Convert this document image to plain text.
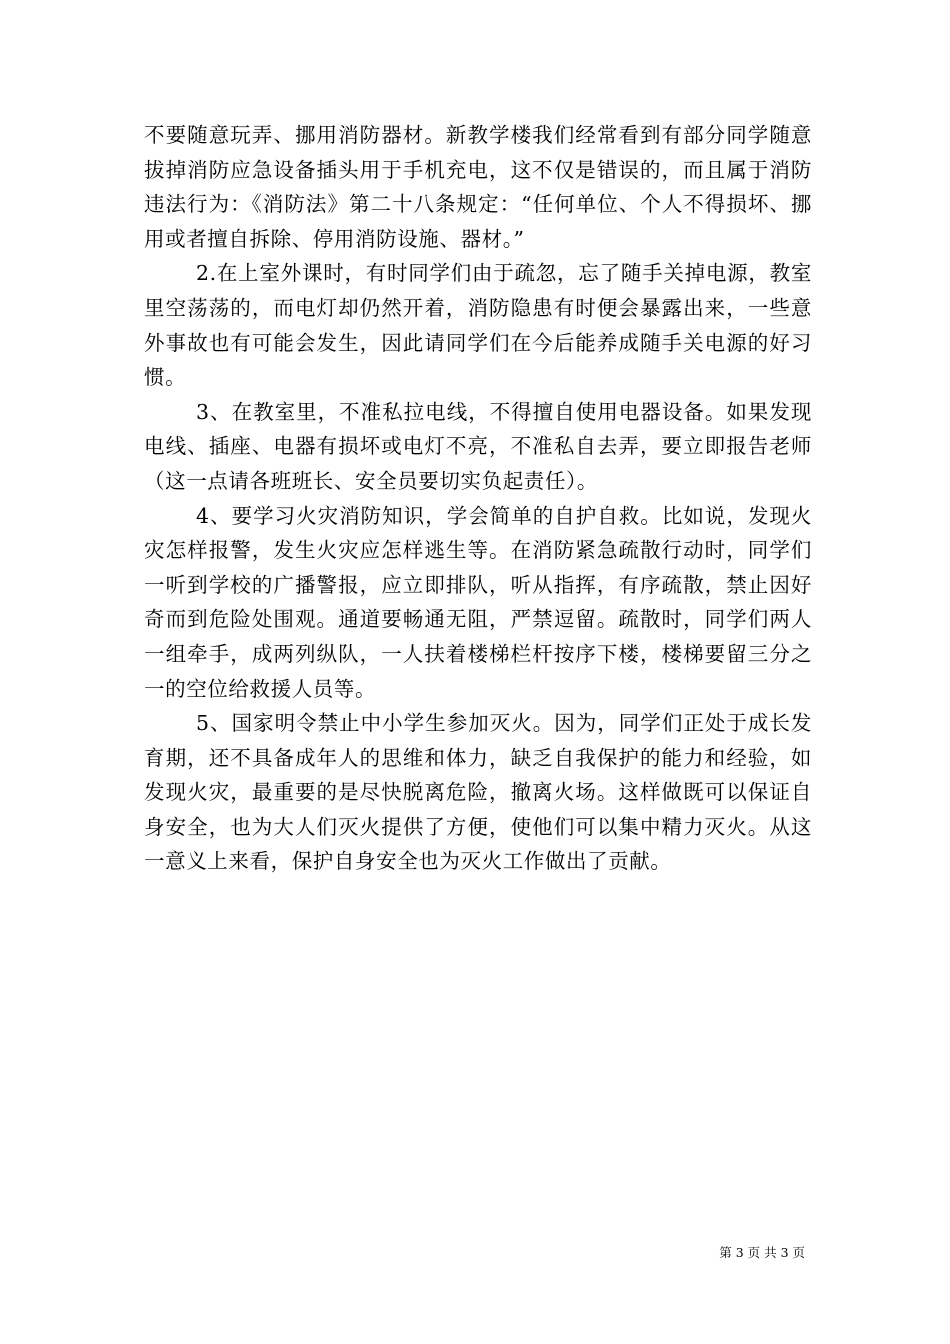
不要随意玩弄、挪用消防器材。新教学楼我们经常看到有部分同学随意拔掉消防应急设备插头用于手机充电，这不仅是错误的，而且属于消防违法行为：《消防法》第二十八条规定：“任何单位、个人不得损坏、挪用或者擅自拆除、停用消防设施、器材。”

2.在上室外课时，有时同学们由于疏忽，忘了随手关掉电源，教室里空荡荡的，而电灯却仍然开着，消防隐患有时便会暴露出来，一些意外事故也有可能会发生，因此请同学们在今后能养成随手关电源的好习惯。

3、在教室里，不准私拉电线，不得擅自使用电器设备。如果发现电线、插座、电器有损坏或电灯不亮，不准私自去弄，要立即报告老师（这一点请各班班长、安全员要切实负起责任）。

4、要学习火灾消防知识，学会简单的自护自救。比如说，发现火灾怎样报警，发生火灾应怎样逃生等。在消防紧急疏散行动时，同学们一听到学校的广播警报，应立即排队，听从指挥，有序疏散，禁止因好奇而到危险处围观。通道要畅通无阻，严禁逗留。疏散时，同学们两人一组牵手，成两列纵队，一人扶着楼梯栏杆按序下楼，楼梯要留三分之一的空位给救援人员等。

5、国家明令禁止中小学生参加灭火。因为，同学们正处于成长发育期，还不具备成年人的思维和体力，缺乏自我保护的能力和经验，如发现火灾，最重要的是尽快脱离危险，撤离火场。这样做既可以保证自身安全，也为大人们灭火提供了方便，使他们可以集中精力灭火。从这一意义上来看，保护自身安全也为灭火工作做出了贡献。

第 3 页 共 3 页
